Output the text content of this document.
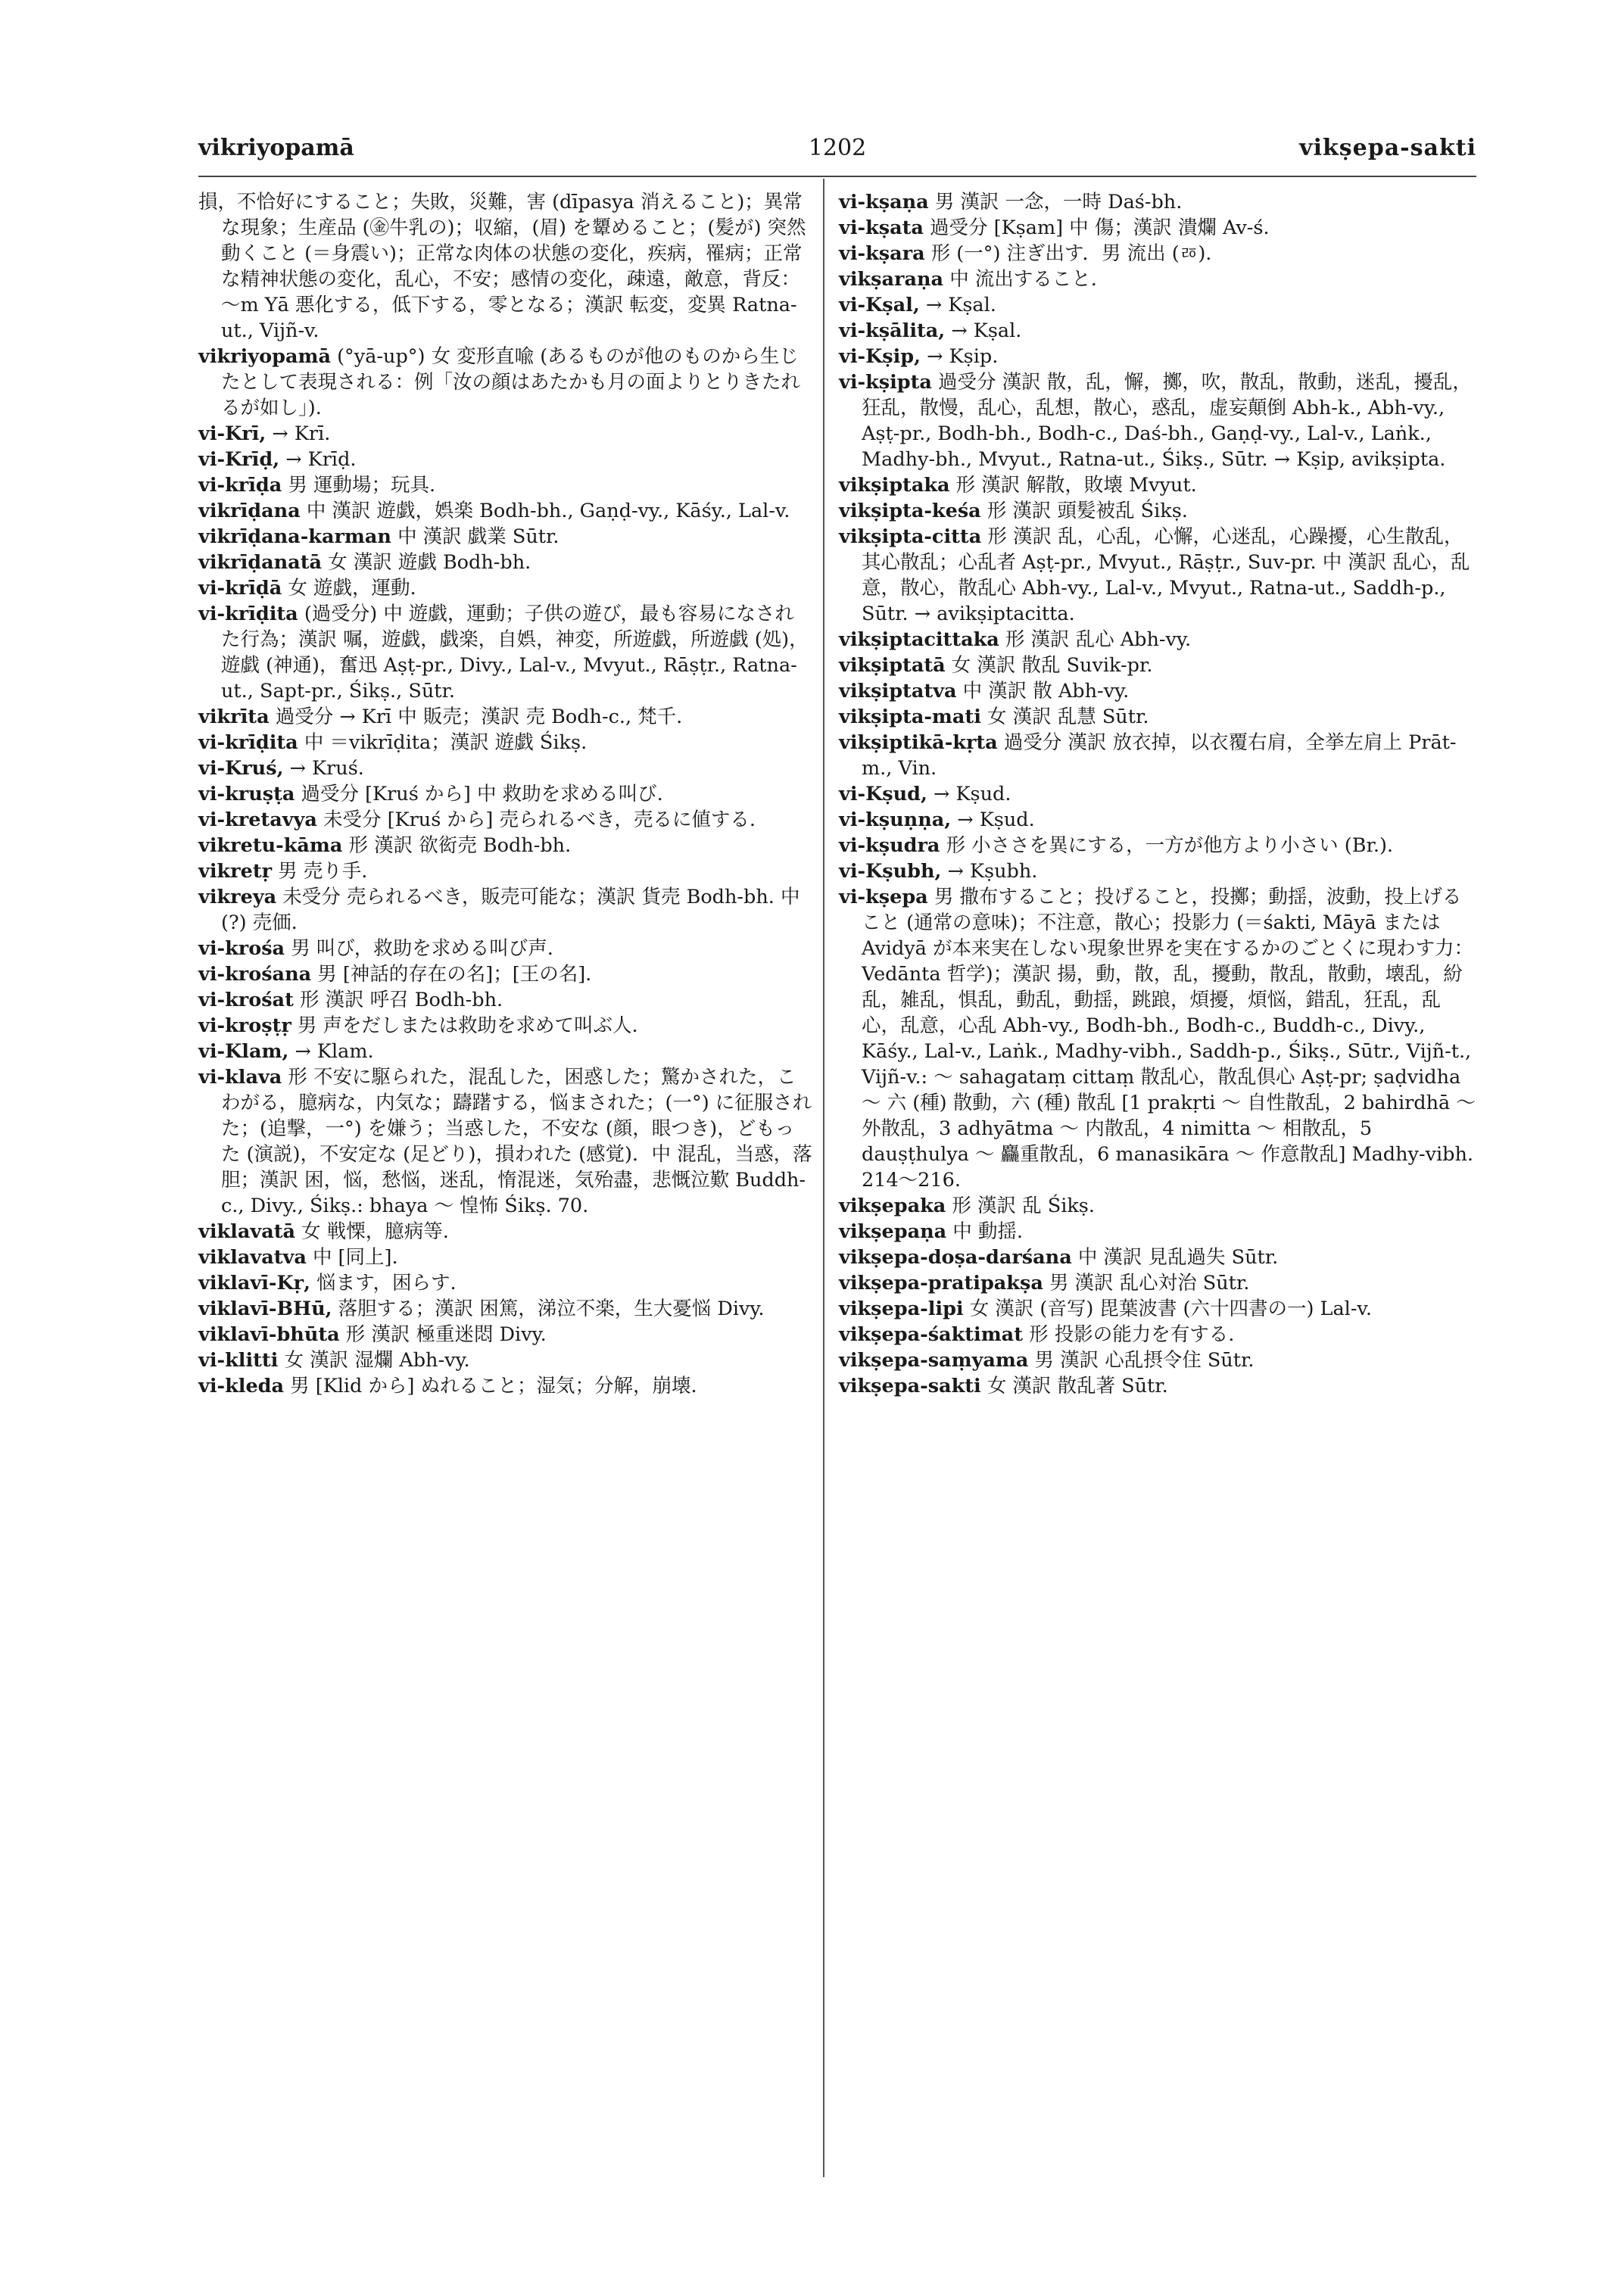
vikriyopamā	1202	vikṣepa-sakti

損，不恰好にすること；失敗，災難，害 (dīpasya 消えること)；異常な現象；生産品 (㊎牛乳の)；収縮，(眉) を顰めること；(髪が) 突然動くこと (＝身震い)；正常な肉体の状態の変化，疾病，罹病；正常な精神状態の変化，乱心，不安；感情の変化，疎遠，敵意，背反：～m Yā 悪化する，低下する，零となる；漢訳 転変，変異 Ratna-ut., Vijñ-v.

vikriyopamā (°yā-up°) 女 変形直喩 (あるものが他のものから生じたとして表現される：例「汝の顔はあたかも月の面よりとりきたれるが如し」).

vi-Krī, → Krī.

vi-Krīḍ, → Krīḍ.

vi-krīḍa 男 運動場；玩具.

vikrīḍana 中 漢訳 遊戯，娯楽 Bodh-bh., Gaṇḍ-vy., Kāśy., Lal-v.

vikrīḍana-karman 中 漢訳 戯業 Sūtr.

vikrīḍanatā 女 漢訳 遊戯 Bodh-bh.

vi-krīḍā 女 遊戯，運動.

vi-krīḍita (過受分) 中 遊戯，運動；子供の遊び，最も容易になされた行為；漢訳 嘱，遊戯，戯楽，自娯，神変，所遊戯，所遊戯 (処)，遊戯 (神通)，奮迅 Aṣṭ-pr., Divy., Lal-v., Mvyut., Rāṣṭr., Ratna-ut., Sapt-pr., Śikṣ., Sūtr.

vikrīta 過受分 → Krī 中 販売；漢訳 売 Bodh-c., 梵千.

vi-krīḍita 中 ＝vikrīḍita；漢訳 遊戯 Śikṣ.

vi-Kruś, → Kruś.

vi-kruṣṭa 過受分 [Kruś から] 中 救助を求める叫び.

vi-kretavya 未受分 [Kruś から] 売られるべき，売るに値する.

vikretu-kāma 形 漢訳 欲衒売 Bodh-bh.

vikretṛ 男 売り手.

vikreya 未受分 売られるべき，販売可能な；漢訳 貨売 Bodh-bh. 中 (?) 売価.

vi-krośa 男 叫び，救助を求める叫び声.

vi-krośana 男 [神話的存在の名]；[王の名].

vi-krośat 形 漢訳 呼召 Bodh-bh.

vi-kroṣṭṛ 男 声をだしまたは救助を求めて叫ぶ人.

vi-Klam, → Klam.

vi-klava 形 不安に駆られた，混乱した，困惑した；驚かされた，こわがる，臆病な，内気な；躊躇する，悩まされた；(一°) に征服された；(追撃，一°) を嫌う；当惑した，不安な (顔，眼つき)，どもった (演説)，不安定な (足どり)，損われた (感覚)．中 混乱，当惑，落胆；漢訳 困，悩，愁悩，迷乱，惰混迷，気殆盡，悲慨泣歎 Buddh-c., Divy., Śikṣ.: bhaya ～ 惶怖 Śikṣ. 70.

viklavatā 女 戦慄，臆病等.

viklavatva 中 [同上].

viklavī-Kṛ, 悩ます，困らす.

viklavī-BHū, 落胆する；漢訳 困篤，涕泣不楽，生大憂悩 Divy.

viklavī-bhūta 形 漢訳 極重迷悶 Divy.

vi-klitti 女 漢訳 湿爛 Abh-vy.

vi-kleda 男 [Klid から] ぬれること；湿気；分解，崩壊.

vi-kṣaṇa 男 漢訳 一念，一時 Daś-bh.

vi-kṣata 過受分 [Kṣam] 中 傷；漢訳 潰爛 Av-ś.

vi-kṣara 形 (一°) 注ぎ出す．男 流出 (ㅭ).

vikṣaraṇa 中 流出すること.

vi-Kṣal, → Kṣal.

vi-kṣālita, → Kṣal.

vi-Kṣip, → Kṣip.

vi-kṣipta 過受分 漢訳 散，乱，懈，擲，吹，散乱，散動，迷乱，擾乱，狂乱，散慢，乱心，乱想，散心，惑乱，虚妄顛倒 Abh-k., Abh-vy., Aṣṭ-pr., Bodh-bh., Bodh-c., Daś-bh., Gaṇḍ-vy., Lal-v., Laṅk., Madhy-bh., Mvyut., Ratna-ut., Śikṣ., Sūtr. → Kṣip, avikṣipta.

vikṣiptaka 形 漢訳 解散，敗壊 Mvyut.

vikṣipta-keśa 形 漢訳 頭髪被乱 Śikṣ.

vikṣipta-citta 形 漢訳 乱，心乱，心懈，心迷乱，心躁擾，心生散乱，其心散乱；心乱者 Aṣṭ-pr., Mvyut., Rāṣṭr., Suv-pr. 中 漢訳 乱心，乱意，散心，散乱心 Abh-vy., Lal-v., Mvyut., Ratna-ut., Saddh-p., Sūtr. → avikṣiptacitta.

vikṣiptacittaka 形 漢訳 乱心 Abh-vy.

vikṣiptatā 女 漢訳 散乱 Suvik-pr.

vikṣiptatva 中 漢訳 散 Abh-vy.

vikṣipta-mati 女 漢訳 乱慧 Sūtr.

vikṣiptikā-kṛta 過受分 漢訳 放衣掉，以衣覆右肩，全挙左肩上 Prāt-m., Vin.

vi-Kṣud, → Kṣud.

vi-kṣuṇṇa, → Kṣud.

vi-kṣudra 形 小ささを異にする，一方が他方より小さい (Br.).

vi-Kṣubh, → Kṣubh.

vi-kṣepa 男 撒布すること；投げること，投擲；動揺，波動，投上げること (通常の意味)；不注意，散心；投影力 (＝śakti, Māyā または Avidyā が本来実在しない現象世界を実在するかのごとくに現わす力：Vedānta 哲学)；漢訳 揚，動，散，乱，擾動，散乱，散動，壊乱，紛乱，雑乱，惧乱，動乱，動揺，跳踉，煩擾，煩悩，錯乱，狂乱，乱心，乱意，心乱 Abh-vy., Bodh-bh., Bodh-c., Buddh-c., Divy., Kāśy., Lal-v., Laṅk., Madhy-vibh., Saddh-p., Śikṣ., Sūtr., Vijñ-t., Vijñ-v.: ～ sahagataṃ cittaṃ 散乱心，散乱倶心 Aṣṭ-pr; ṣaḍvidha ～ 六 (種) 散動，六 (種) 散乱 [1 prakṛti ～ 自性散乱，2 bahirdhā ～ 外散乱，3 adhyātma ～ 内散乱，4 nimitta ～ 相散乱，5 dauṣṭhulya ～ 麤重散乱，6 manasikāra ～ 作意散乱] Madhy-vibh. 214～216.

vikṣepaka 形 漢訳 乱 Śikṣ.

vikṣepaṇa 中 動揺.

vikṣepa-doṣa-darśana 中 漢訳 見乱過失 Sūtr.

vikṣepa-pratipakṣa 男 漢訳 乱心対治 Sūtr.

vikṣepa-lipi 女 漢訳 (音写) 毘葉波書 (六十四書の一) Lal-v.

vikṣepa-śaktimat 形 投影の能力を有する.

vikṣepa-saṃyama 男 漢訳 心乱摂令住 Sūtr.

vikṣepa-sakti 女 漢訳 散乱著 Sūtr.
